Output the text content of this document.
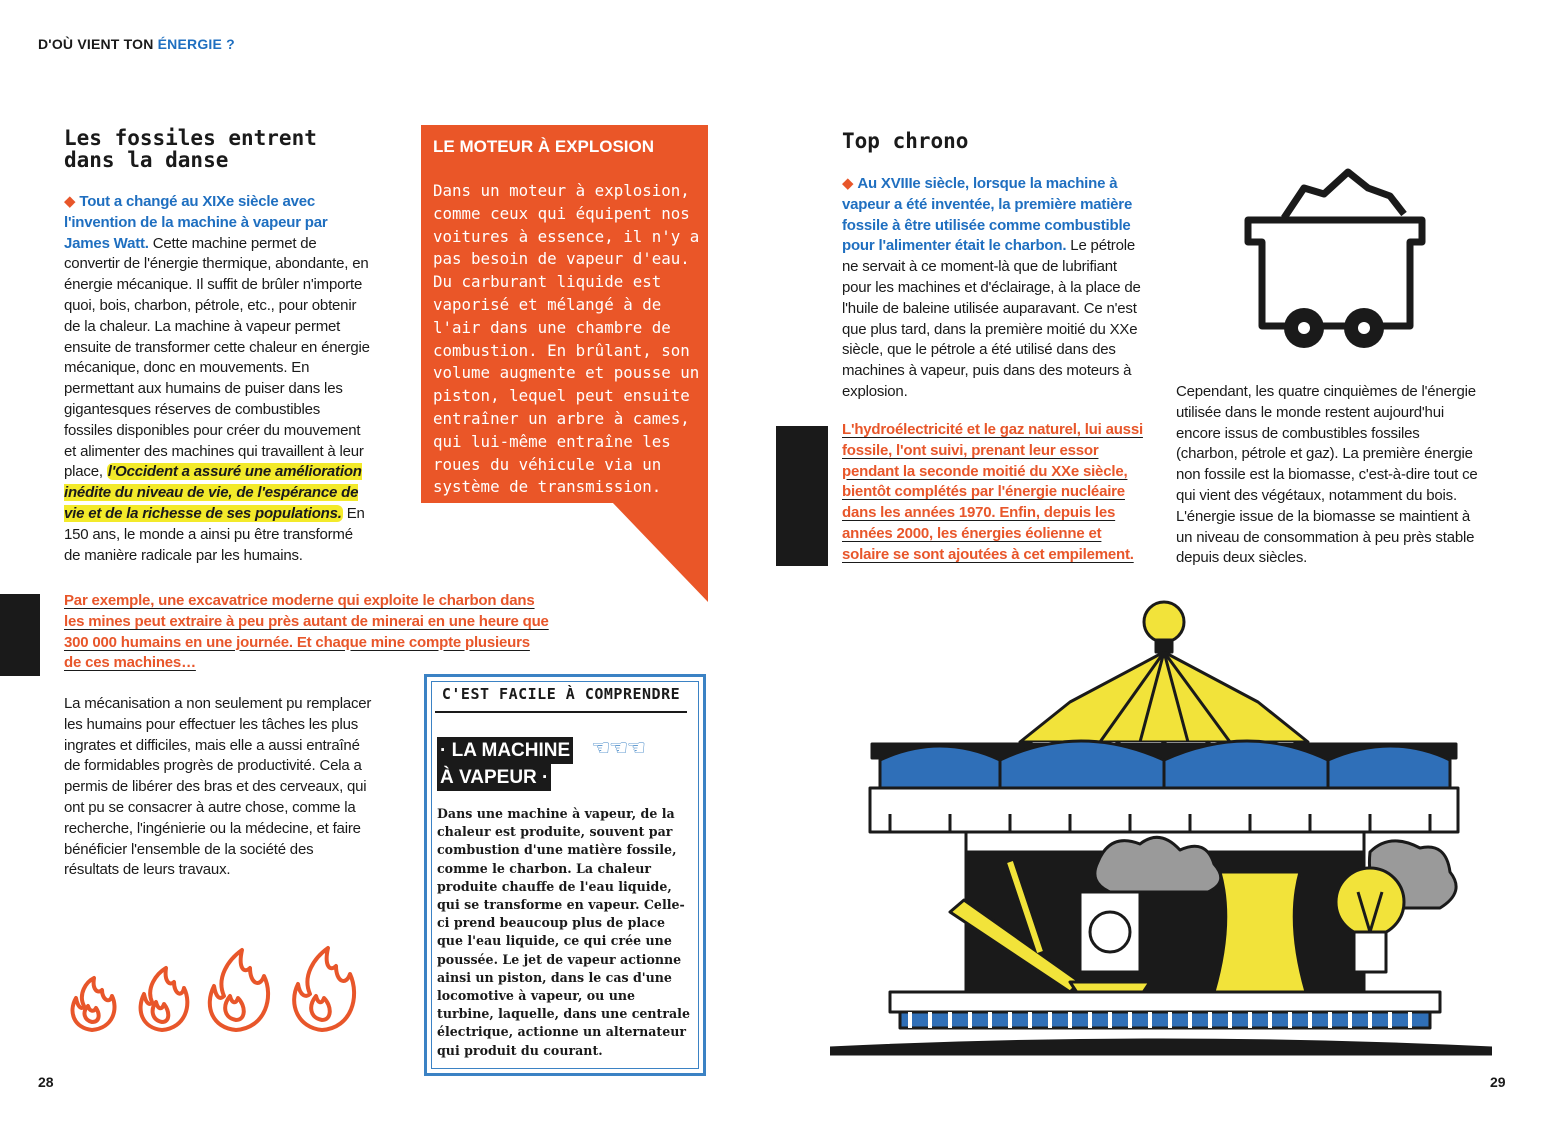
D'OÙ VIENT TON ÉNERGIE ?
Les fossiles entrent
dans la danse
◆ Tout a changé au XIXe siècle avec l'invention de la machine à vapeur par James Watt. Cette machine permet de convertir de l'énergie thermique, abondante, en énergie mécanique. Il suffit de brûler n'importe quoi, bois, charbon, pétrole, etc., pour obtenir de la chaleur. La machine à vapeur permet ensuite de transformer cette chaleur en énergie mécanique, donc en mouvements. En permettant aux humains de puiser dans les gigantesques réserves de combustibles fossiles disponibles pour créer du mouvement et alimenter des machines qui travaillent à leur place, l'Occident a assuré une amélioration inédite du niveau de vie, de l'espérance de vie et de la richesse de ses populations. En 150 ans, le monde a ainsi pu être transformé de manière radicale par les humains.
Par exemple, une excavatrice moderne qui exploite le charbon dans les mines peut extraire à peu près autant de minerai en une heure que 300 000 humains en une journée. Et chaque mine compte plusieurs de ces machines…
La mécanisation a non seulement pu remplacer les humains pour effectuer les tâches les plus ingrates et difficiles, mais elle a aussi entraîné de formidables progrès de productivité. Cela a permis de libérer des bras et des cerveaux, qui ont pu se consacrer à autre chose, comme la recherche, l'ingénierie ou la médecine, et faire bénéficier l'ensemble de la société des résultats de leurs travaux.
28
LE MOTEUR À EXPLOSION
Dans un moteur à explosion, comme ceux qui équipent nos voitures à essence, il n'y a pas besoin de vapeur d'eau. Du carburant liquide est vaporisé et mélangé à de l'air dans une chambre de combustion. En brûlant, son volume augmente et pousse un piston, lequel peut ensuite entraîner un arbre à cames, qui lui-même entraîne les roues du véhicule via un système de transmission.
C'EST FACILE À COMPRENDRE
· LA MACHINE
À VAPEUR ·
☜☜☜
Dans une machine à vapeur, de la chaleur est produite, souvent par combustion d'une matière fossile, comme le charbon. La chaleur produite chauffe de l'eau liquide, qui se transforme en vapeur. Celle-ci prend beaucoup plus de place que l'eau liquide, ce qui crée une poussée. Le jet de vapeur actionne ainsi un piston, dans le cas d'une locomotive à vapeur, ou une turbine, laquelle, dans une centrale électrique, actionne un alternateur qui produit du courant.
Top chrono
◆ Au XVIIIe siècle, lorsque la machine à vapeur a été inventée, la première matière fossile à être utilisée comme combustible pour l'alimenter était le charbon. Le pétrole ne servait à ce moment-là que de lubrifiant pour les machines et d'éclairage, à la place de l'huile de baleine utilisée auparavant. Ce n'est que plus tard, dans la première moitié du XXe siècle, que le pétrole a été utilisé dans des machines à vapeur, puis dans des moteurs à explosion.
L'hydroélectricité et le gaz naturel, lui aussi fossile, l'ont suivi, prenant leur essor pendant la seconde moitié du XXe siècle, bientôt complétés par l'énergie nucléaire dans les années 1970. Enfin, depuis les années 2000, les énergies éolienne et solaire se sont ajoutées à cet empilement.
Cependant, les quatre cinquièmes de l'énergie utilisée dans le monde restent aujourd'hui encore issus de combustibles fossiles (charbon, pétrole et gaz). La première énergie non fossile est la biomasse, c'est-à-dire tout ce qui vient des végétaux, notamment du bois. L'énergie issue de la biomasse se maintient à un niveau de consommation à peu près stable depuis deux siècles.
29
